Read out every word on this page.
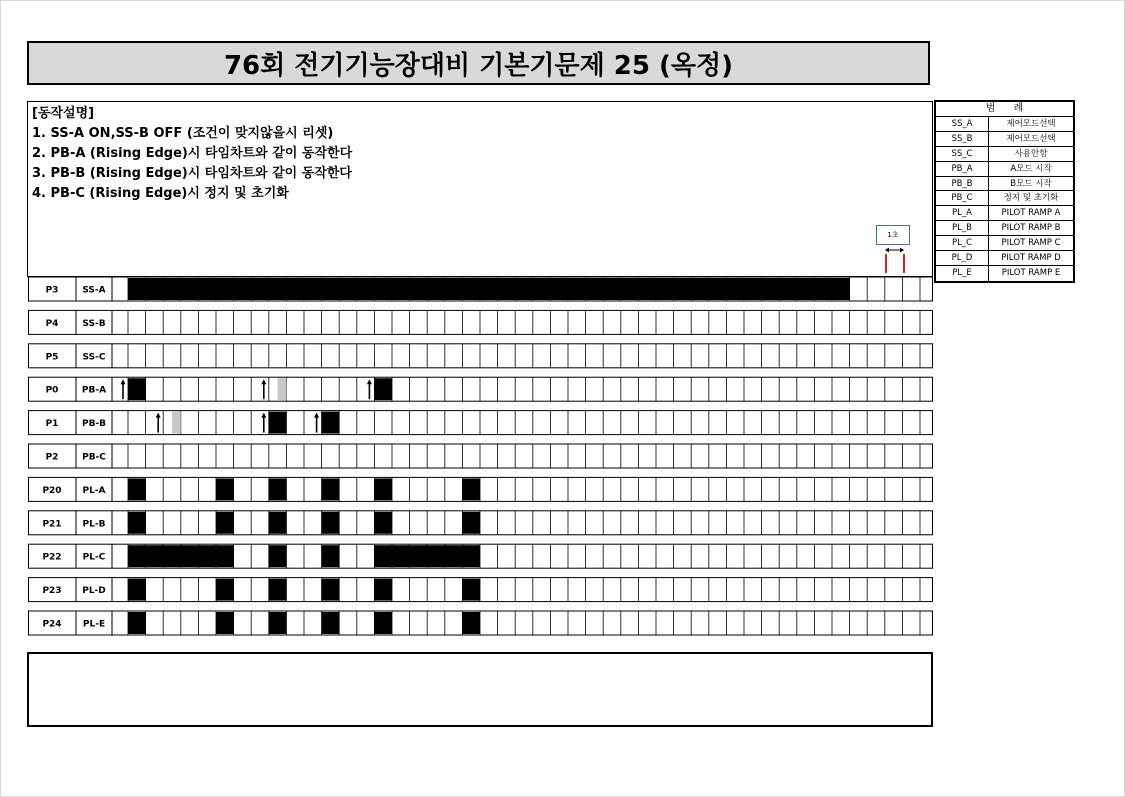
76회 전기기능장대비 기본기문제 25 (옥정)
[동작설명]
1. SS-A ON,SS-B OFF (조건이 맞지않을시 리셋)
2. PB-A (Rising Edge)시 타임차트와 같이 동작한다
3. PB-B (Rising Edge)시 타임차트와 같이 동작한다
4. PB-C (Rising Edge)시 정지 및 초기화
범례
SS_A	제어모드선택
SS_B	제어모드선택
SS_C	사용안함
PB_A	A모드 시작
PB_B	B모드 시작
PB_C	정지 및 초기화
PL_A	PILOT RAMP A
PL_B	PILOT RAMP B
PL_C	PILOT RAMP C
PL_D	PILOT RAMP D
PL_E	PILOT RAMP E
1초
P3	SS-A
P4	SS-B
P5	SS-C
P0	PB-A
P1	PB-B
P2	PB-C
P20 PL-A
P21 PL-B
P22 PL-C
P23 PL-D
P24 PL-E
